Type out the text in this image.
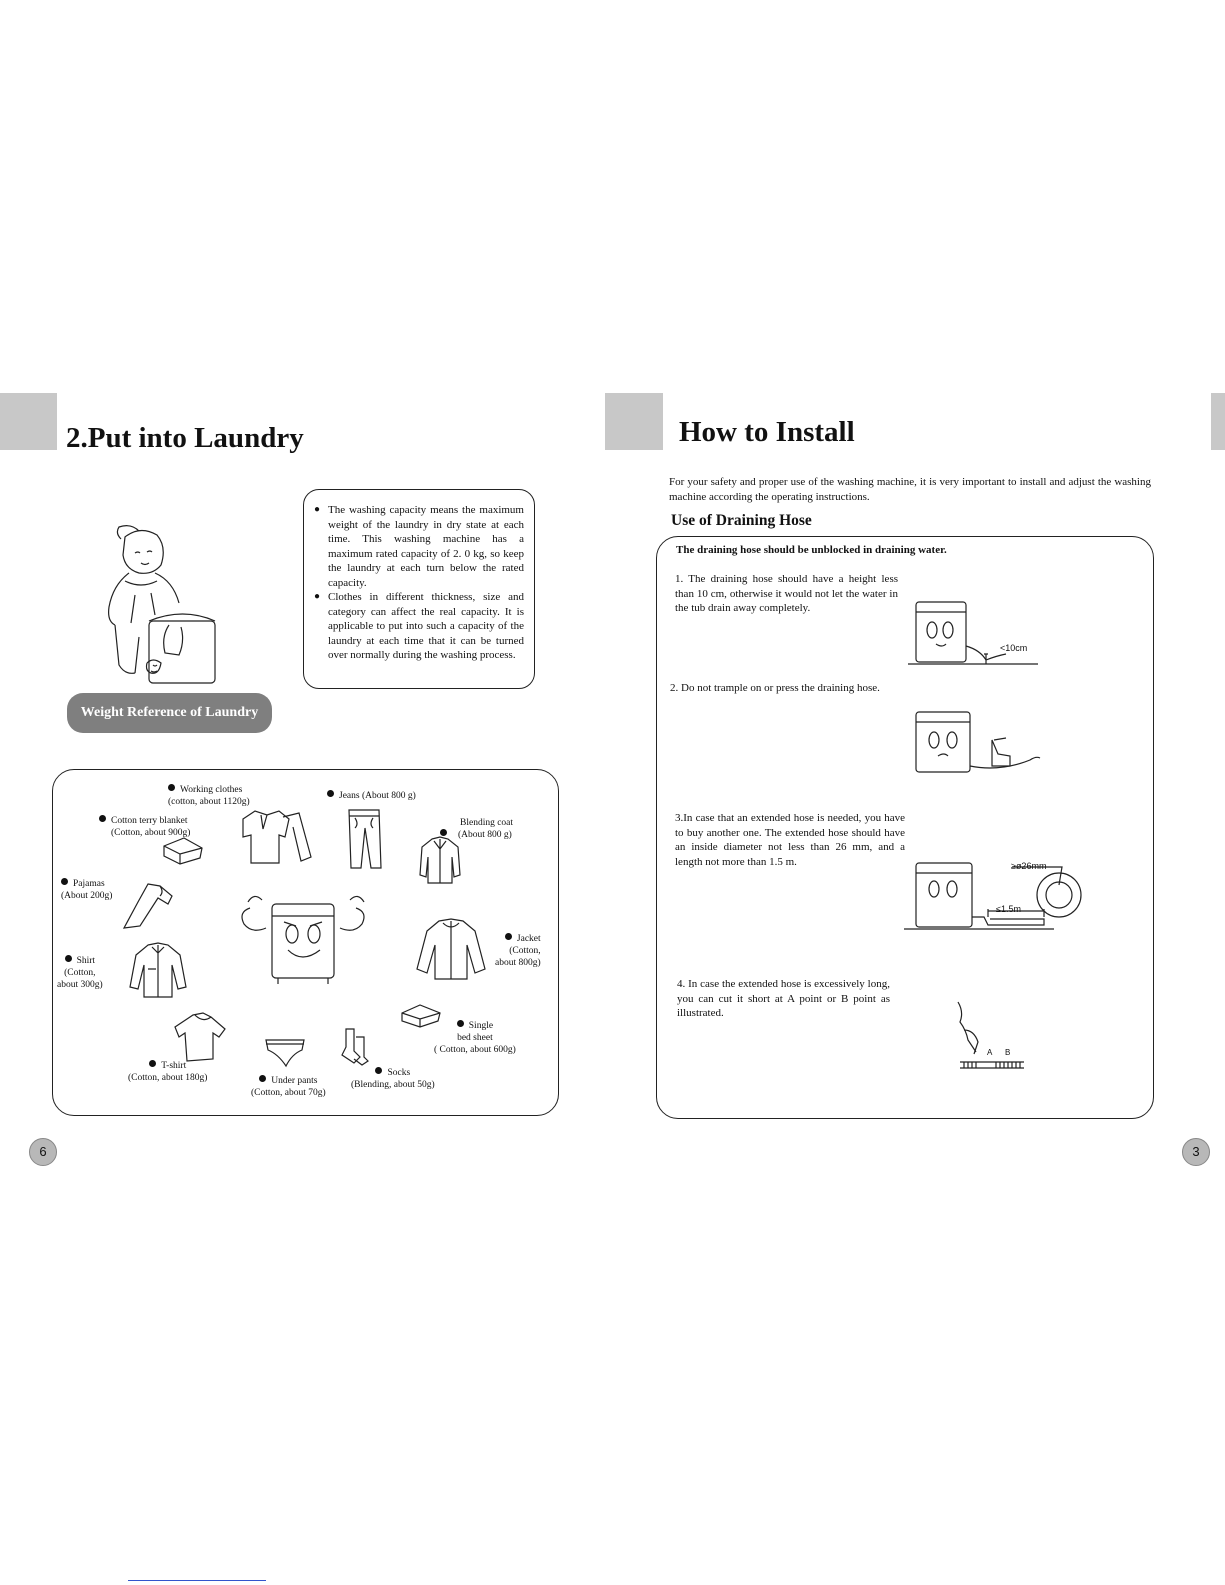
2.Put into Laundry
● The washing capacity means the maximum weight of the laundry in dry state at each time. This washing machine has a maximum rated capacity of 2. 0 kg, so keep the laundry at each turn below the rated capacity.
● Clothes in different thickness, size and category can affect the real capacity. It is applicable to put into such a capacity of the laundry at each time that it can be turned over normally during the washing process.
Weight Reference of Laundry
Working clothes
(cotton, about 1120g)
Jeans (About 800 g)
Cotton terry blanket
(Cotton, about 900g)
Blending coat
(About 800 g)
Pajamas
(About 200g)
Jacket
(Cotton,
about 800g)
Shirt
(Cotton,
about 300g)
Single
bed sheet
( Cotton, about 600g)
T-shirt
(Cotton, about 180g)	Under pants
(Cotton, about 70g)
Socks
(Blending, about 50g)
6
How to Install
For your safety and proper use of the washing machine, it is very important to install and adjust the washing machine according the operating instructions.
Use of Draining Hose
The draining hose should be unblocked in draining water.
1. The draining hose should have a height less than 10 cm, otherwise it would not let the water in the tub drain away completely.
2. Do not trample on or press the draining hose.
3.In case that an extended hose is needed, you have to buy another one. The extended hose should have an inside diameter not less than 26 mm, and a length not more than 1.5 m.
4. In case the extended hose is excessively long, you can cut it short at A point or B point as illustrated.
<10cm
≥ø26mm
≤1.5m
A B
3
